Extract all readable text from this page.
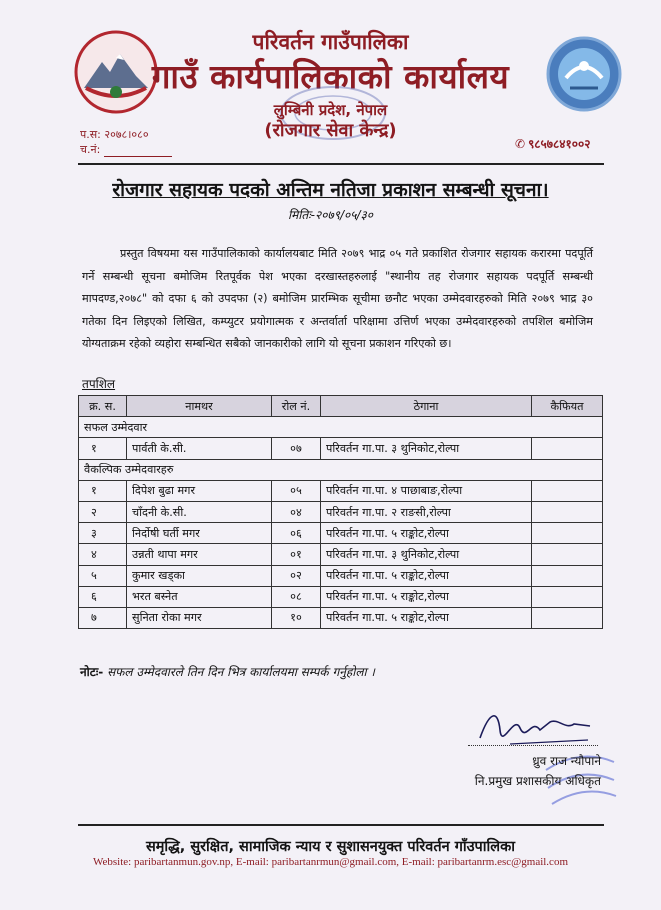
परिवर्तन गाउँपालिका
गाउँ कार्यपालिकाको कार्यालय
लुम्बिनी प्रदेश, नेपाल
(रोजगार सेवा केन्द्र)
प.स: २०७८।०८०
च.नं:	✆ ९८५७८४१००२
रोजगार सहायक पदको अन्तिम नतिजा प्रकाशन सम्बन्धी सूचना।
मितिः-२०७९/०५/३०
प्रस्तुत विषयमा यस गाउँपालिकाको कार्यालयबाट मिति २०७९ भाद्र ०५ गते प्रकाशित रोजगार सहायक करारमा पदपूर्ति गर्ने सम्बन्धी सूचना बमोजिम रितपूर्वक पेश भएका दरखास्तहरुलाई "स्थानीय तह रोजगार सहायक पदपूर्ति सम्बन्धी मापदण्ड,२०७८" को दफा ६ को उपदफा (२) बमोजिम प्रारम्भिक सूचीमा छनौट भएका उम्मेदवारहरुको मिति २०७९ भाद्र ३० गतेका दिन लिइएको लिखित, कम्प्युटर प्रयोगात्मक र अन्तर्वार्ता परिक्षामा उत्तिर्ण भएका उम्मेदवारहरुको तपशिल बमोजिम योग्यताक्रम रहेको व्यहोरा सम्बन्धित सबैको जानकारीको लागि यो सूचना प्रकाशन गरिएको छ।
तपशिल
क्र. स.	नामथर	रोल नं.	ठेगाना	कैफियत
सफल उम्मेदवार				
१	पार्वती के.सी.	०७	परिवर्तन गा.पा. ३ थुनिकोट,रोल्पा	
वैकल्पिक उम्मेदवारहरु				
१	दिपेश बुढा मगर	०५	परिवर्तन गा.पा. ४ पाछाबाङ,रोल्पा	
२	चाँदनी के.सी.	०४	परिवर्तन गा.पा. २ राङसी,रोल्पा	
३	निर्दोषी घर्ती मगर	०६	परिवर्तन गा.पा. ५ राङ्कोट,रोल्पा	
४	उन्नती थापा मगर	०१	परिवर्तन गा.पा. ३ थुनिकोट,रोल्पा	
५	कुमार खड्का	०२	परिवर्तन गा.पा. ५ राङ्कोट,रोल्पा	
६	भरत बस्नेत	०८	परिवर्तन गा.पा. ५ राङ्कोट,रोल्पा	
७	सुनिता रोका मगर	१०	परिवर्तन गा.पा. ५ राङ्कोट,रोल्पा	
नोटः- सफल उम्मेदवारले तिन दिन भित्र कार्यालयमा सम्पर्क गर्नुहोला ।
ध्रुव राज न्यौपाने
नि.प्रमुख प्रशासकीय अधिकृत
समृद्धि, सुरक्षित, सामाजिक न्याय र सुशासनयुक्त परिवर्तन गाँउपालिका
Website: paribartanmun.gov.np, E-mail: paribartanrmun@gmail.com, E-mail: paribartanrm.esc@gmail.com
